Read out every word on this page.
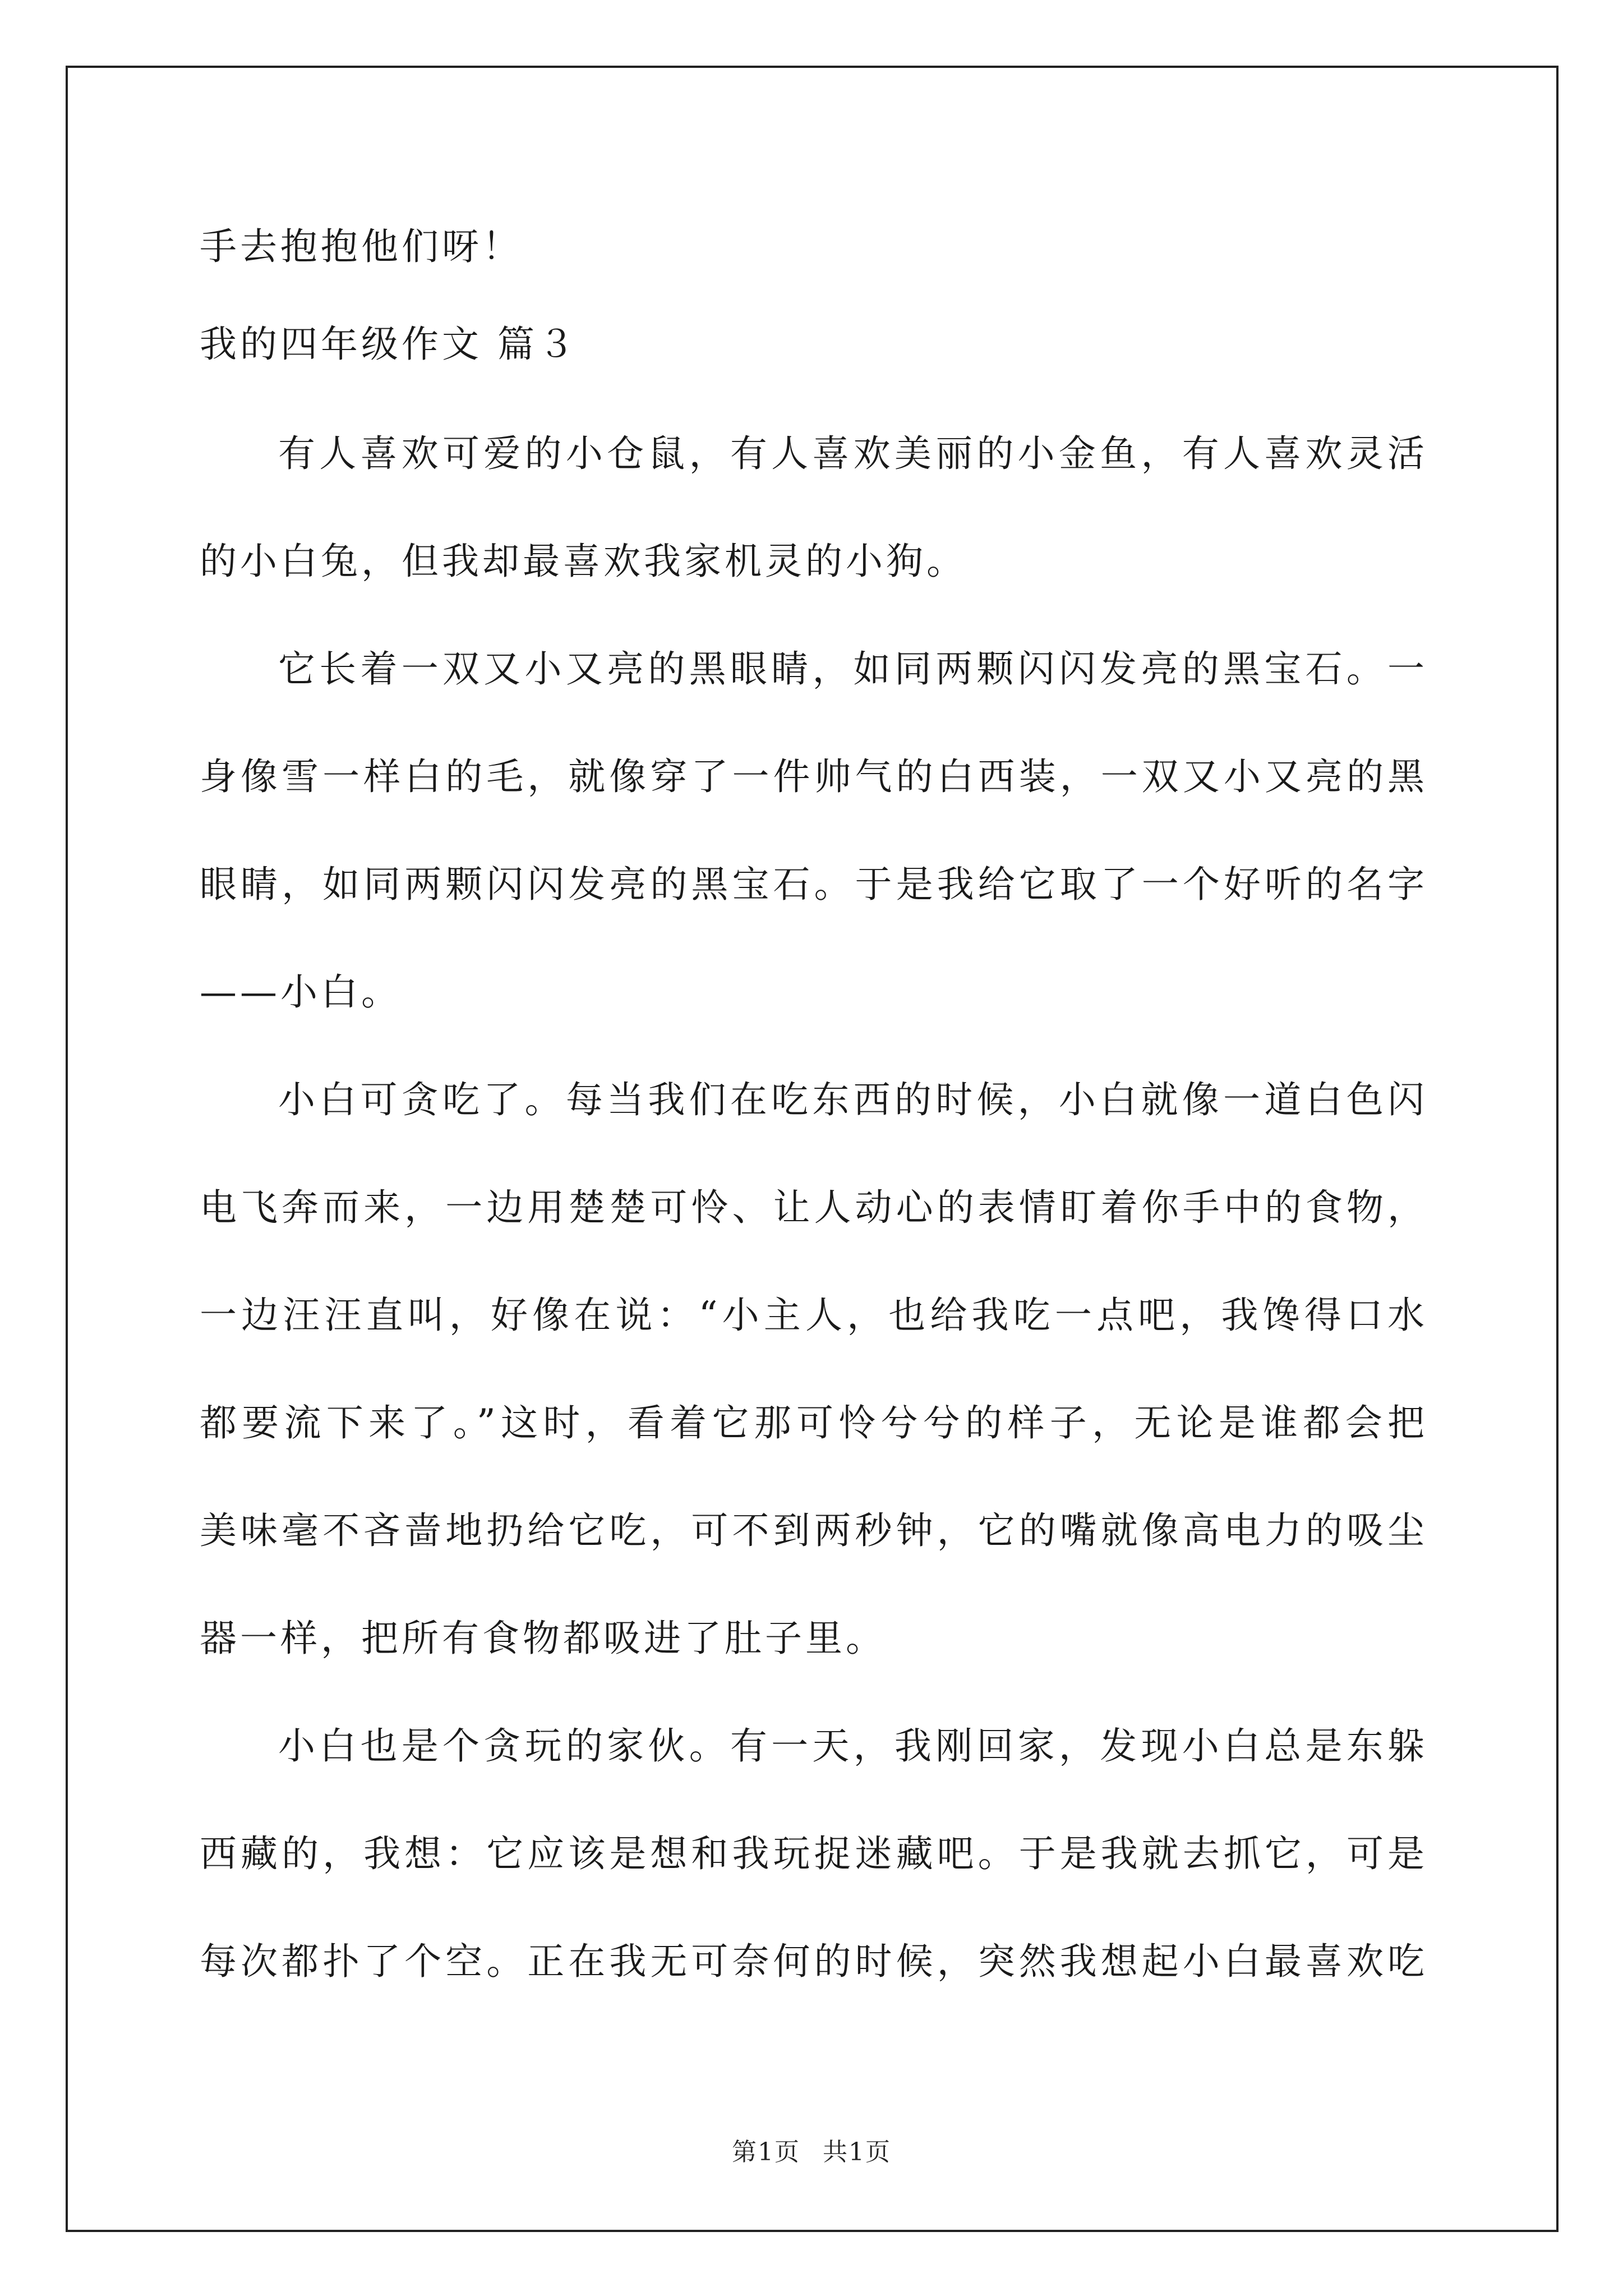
手去抱抱他们呀！
我的四年级作文 篇３
有人喜欢可爱的小仓鼠，有人喜欢美丽的小金鱼，有人喜欢灵活
的小白兔，但我却最喜欢我家机灵的小狗。
它长着一双又小又亮的黑眼睛，如同两颗闪闪发亮的黑宝石。一
身像雪一样白的毛，就像穿了一件帅气的白西装，一双又小又亮的黑
眼睛，如同两颗闪闪发亮的黑宝石。于是我给它取了一个好听的名字
——小白。
小白可贪吃了。每当我们在吃东西的时候，小白就像一道白色闪
电飞奔而来，一边用楚楚可怜、让人动心的表情盯着你手中的食物，
一边汪汪直叫，好像在说：“小主人，也给我吃一点吧，我馋得口水
都要流下来了。”这时，看着它那可怜兮兮的样子，无论是谁都会把
美味毫不吝啬地扔给它吃，可不到两秒钟，它的嘴就像高电力的吸尘
器一样，把所有食物都吸进了肚子里。
小白也是个贪玩的家伙。有一天，我刚回家，发现小白总是东躲
西藏的，我想：它应该是想和我玩捉迷藏吧。于是我就去抓它，可是
每次都扑了个空。正在我无可奈何的时候，突然我想起小白最喜欢吃
第1页 共1页
